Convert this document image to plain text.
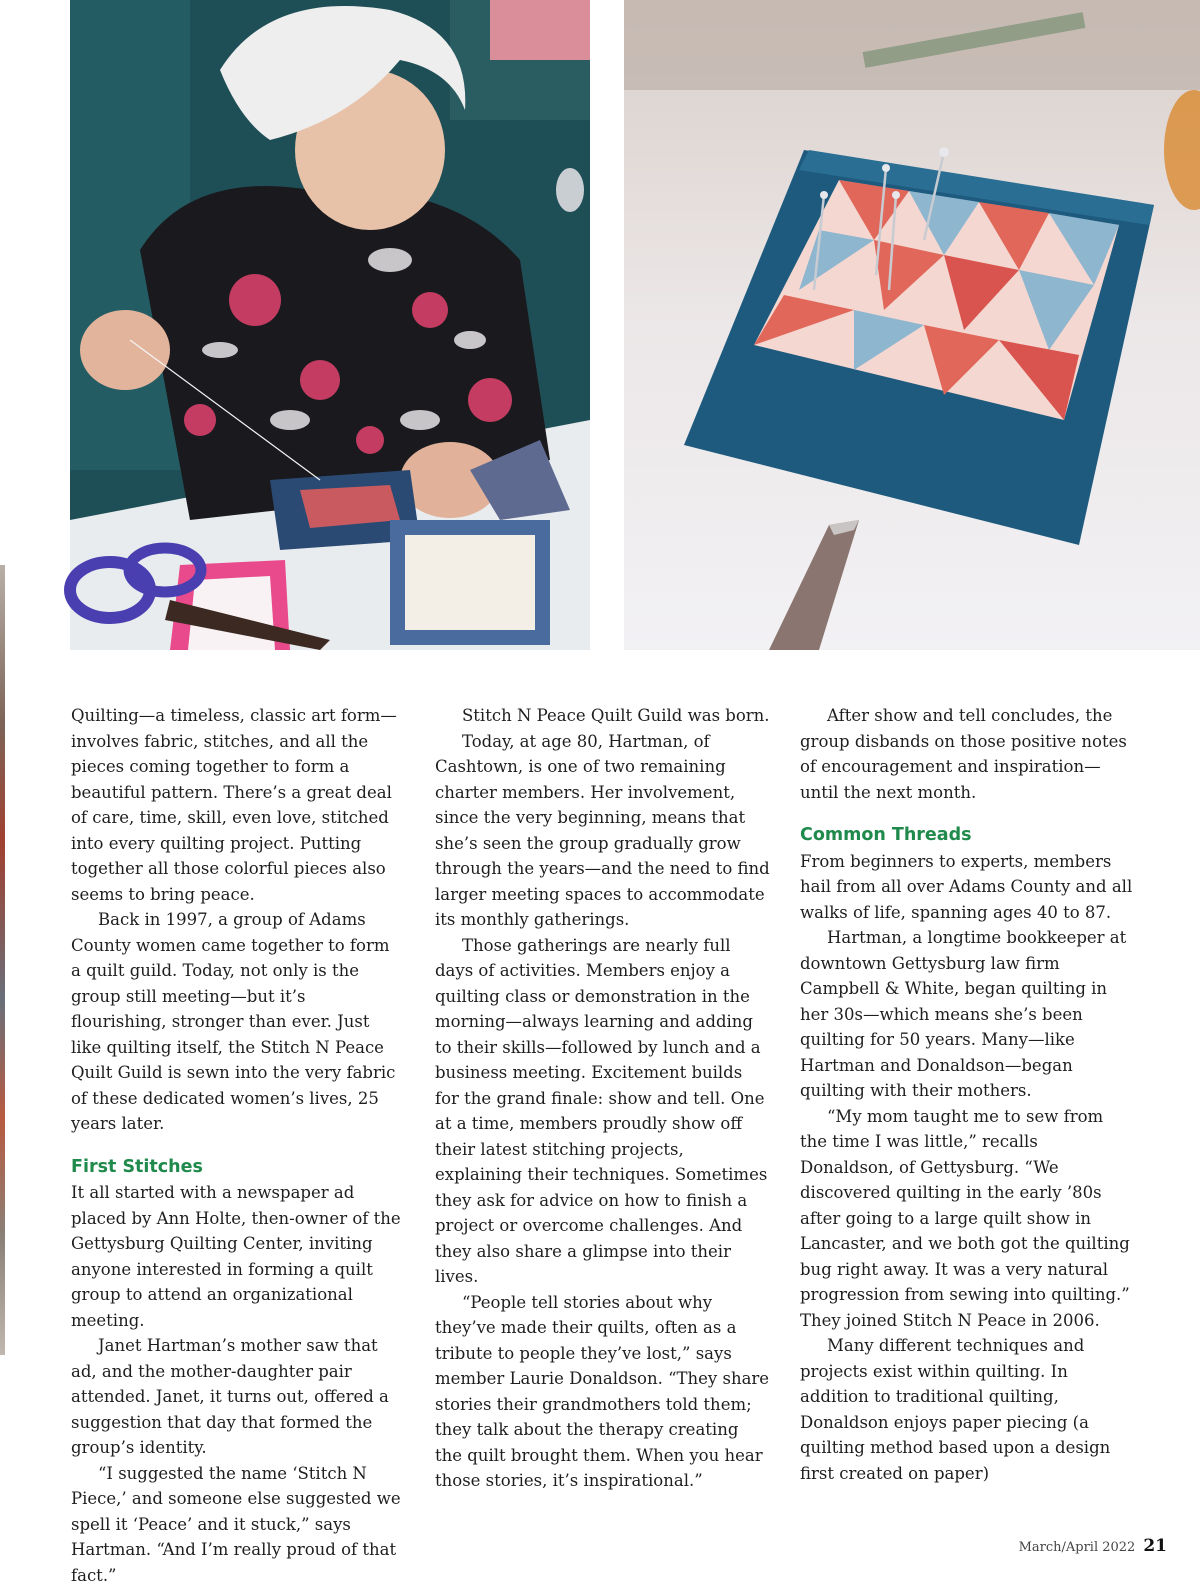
Quilting—a timeless, classic art form—involves fabric, stitches, and all the pieces coming together to form a beautiful pattern. There’s a great deal of care, time, skill, even love, stitched into every quilting project. Putting together all those colorful pieces also seems to bring peace.

Back in 1997, a group of Adams County women came together to form a quilt guild. Today, not only is the group still meeting—but it’s flourishing, stronger than ever. Just like quilting itself, the Stitch N Peace Quilt Guild is sewn into the very fabric of these dedicated women’s lives, 25 years later.

First Stitches

It all started with a newspaper ad placed by Ann Holte, then-owner of the Gettysburg Quilting Center, inviting anyone interested in forming a quilt group to attend an organizational meeting.

Janet Hartman’s mother saw that ad, and the mother-daughter pair attended. Janet, it turns out, offered a suggestion that day that formed the group’s identity.

“I suggested the name ‘Stitch N Piece,’ and someone else suggested we spell it ‘Peace’ and it stuck,” says Hartman. “And I’m really proud of that fact.”

Stitch N Peace Quilt Guild was born.

Today, at age 80, Hartman, of Cashtown, is one of two remaining charter members. Her involvement, since the very beginning, means that she’s seen the group gradually grow through the years—and the need to find larger meeting spaces to accommodate its monthly gatherings.

Those gatherings are nearly full days of activities. Members enjoy a quilting class or demonstration in the morning—always learning and adding to their skills—followed by lunch and a business meeting. Excitement builds for the grand finale: show and tell. One at a time, members proudly show off their latest stitching projects, explaining their techniques. Sometimes they ask for advice on how to finish a project or overcome challenges. And they also share a glimpse into their lives.

“People tell stories about why they’ve made their quilts, often as a tribute to people they’ve lost,” says member Laurie Donaldson. “They share stories their grandmothers told them; they talk about the therapy creating the quilt brought them. When you hear those stories, it’s inspirational.”

After show and tell concludes, the group disbands on those positive notes of encouragement and inspiration—until the next month.

Common Threads

From beginners to experts, members hail from all over Adams County and all walks of life, spanning ages 40 to 87.

Hartman, a longtime bookkeeper at downtown Gettysburg law firm Campbell & White, began quilting in her 30s—which means she’s been quilting for 50 years. Many—like Hartman and Donaldson—began quilting with their mothers.

“My mom taught me to sew from the time I was little,” recalls Donaldson, of Gettysburg. “We discovered quilting in the early ’80s after going to a large quilt show in Lancaster, and we both got the quilting bug right away. It was a very natural progression from sewing into quilting.” They joined Stitch N Peace in 2006.

Many different techniques and projects exist within quilting. In addition to traditional quilting, Donaldson enjoys paper piecing (a quilting method based upon a design first created on paper)

March/April 2022 21
